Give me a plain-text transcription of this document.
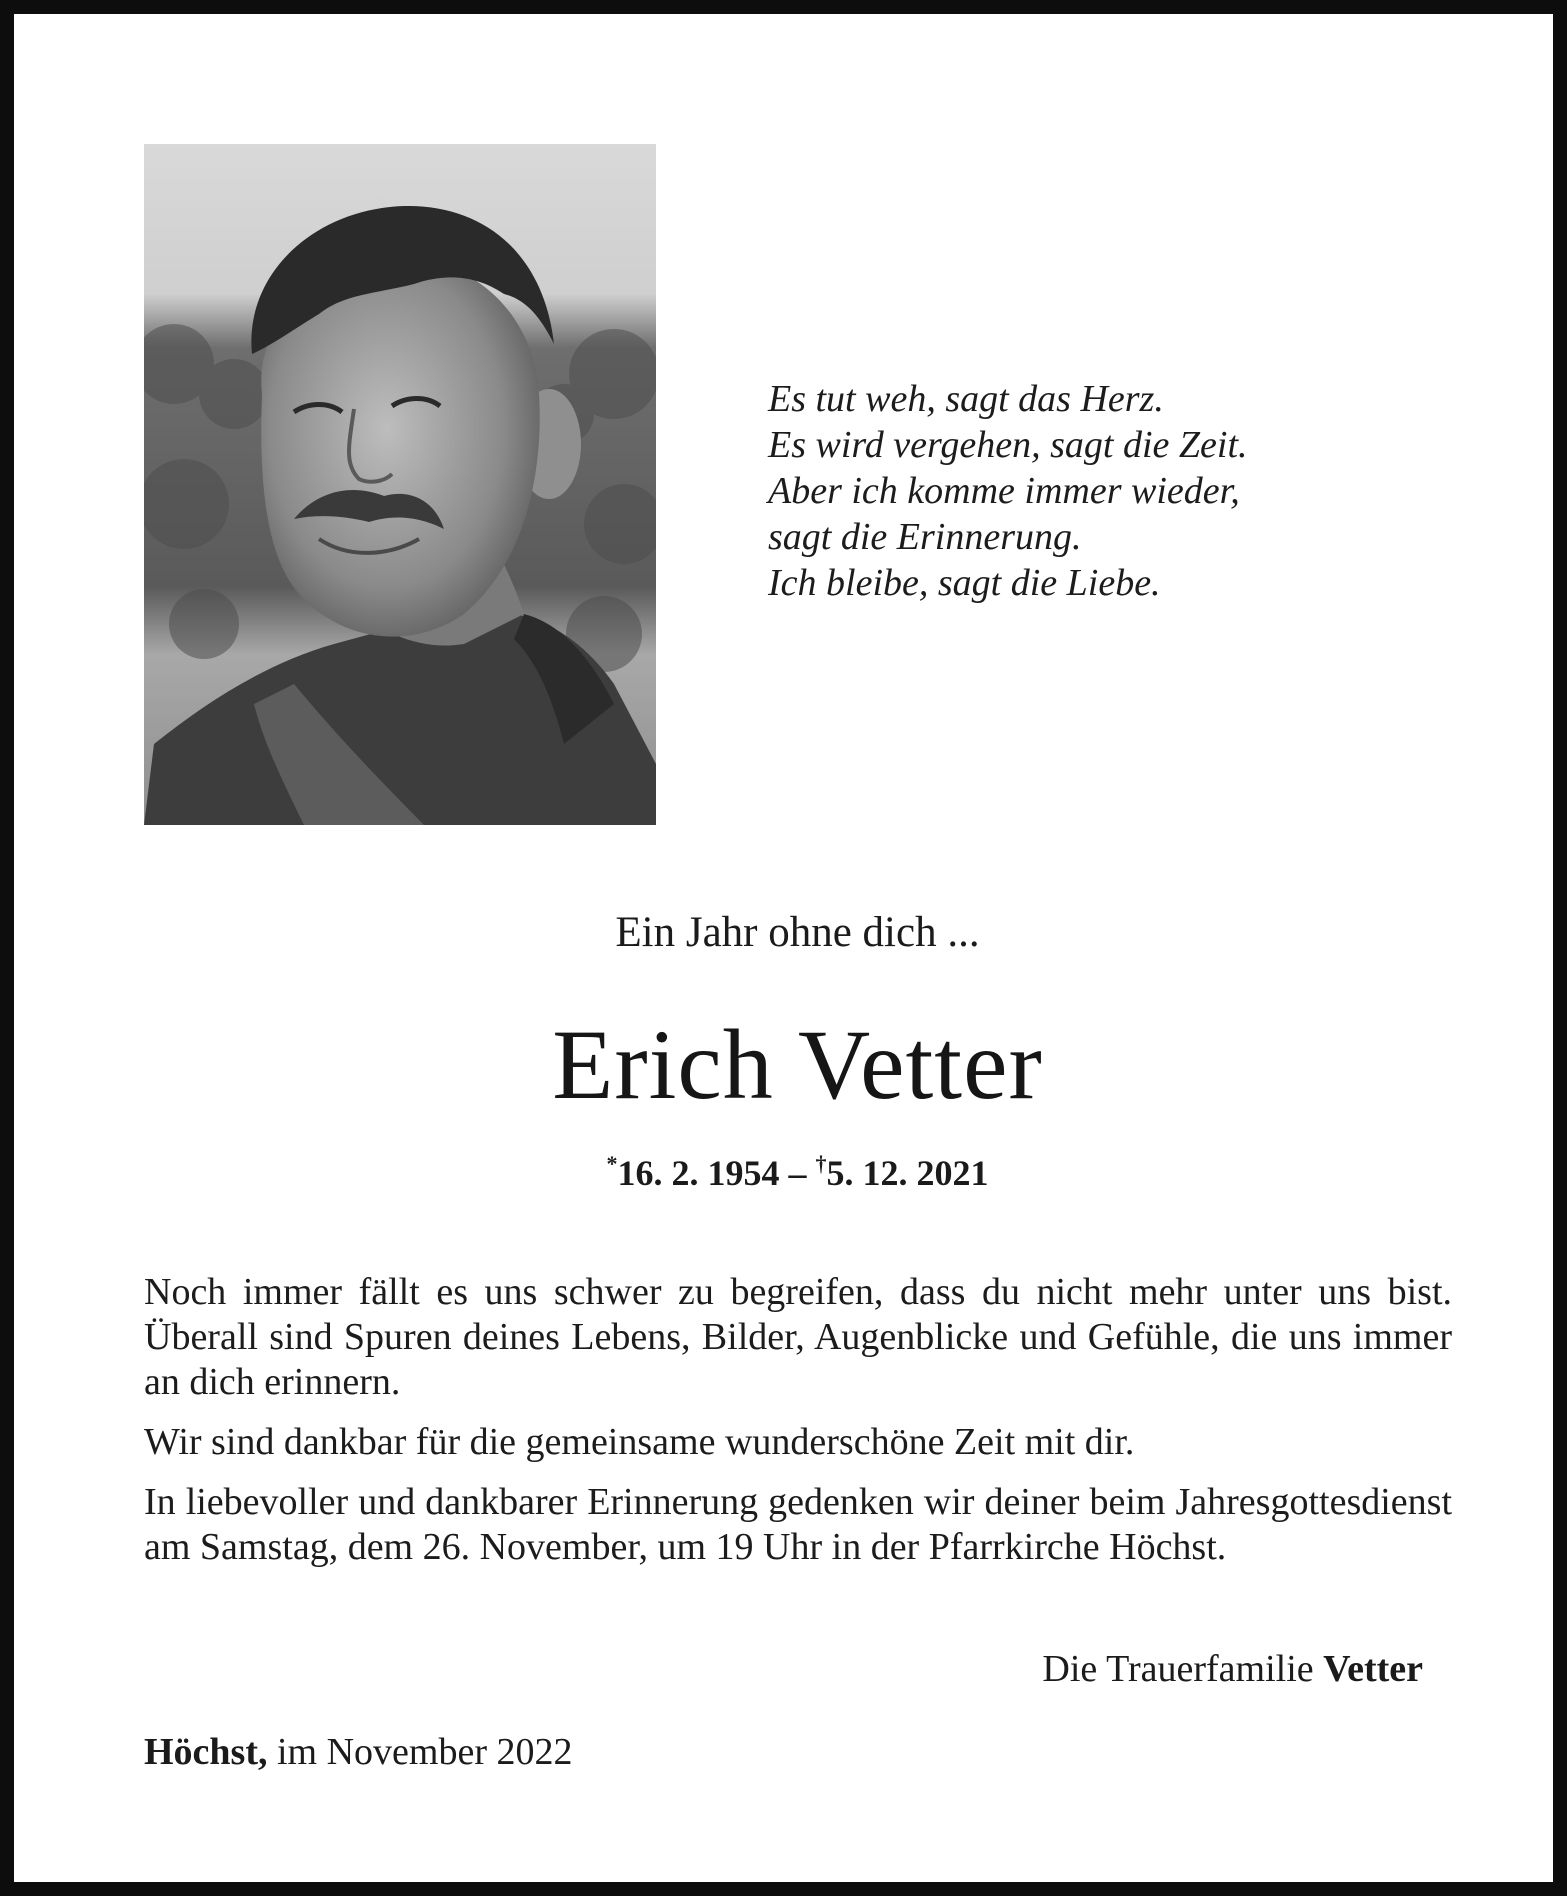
Es tut weh, sagt das Herz.
Es wird vergehen, sagt die Zeit.
Aber ich komme immer wieder,
sagt die Erinnerung.
Ich bleibe, sagt die Liebe.
Ein Jahr ohne dich ...
Erich Vetter
*16. 2. 1954 – †5. 12. 2021

Noch immer fällt es uns schwer zu begreifen, dass du nicht mehr unter uns bist. Überall sind Spuren deines Lebens, Bilder, Augenblicke und Gefühle, die uns immer an dich erinnern.

Wir sind dankbar für die gemeinsame wunderschöne Zeit mit dir.

In liebevoller und dankbarer Erinnerung gedenken wir deiner beim Jahresgottesdienst am Samstag, dem 26. November, um 19 Uhr in der Pfarrkirche Höchst.

Die Trauerfamilie Vetter
Höchst, im November 2022
